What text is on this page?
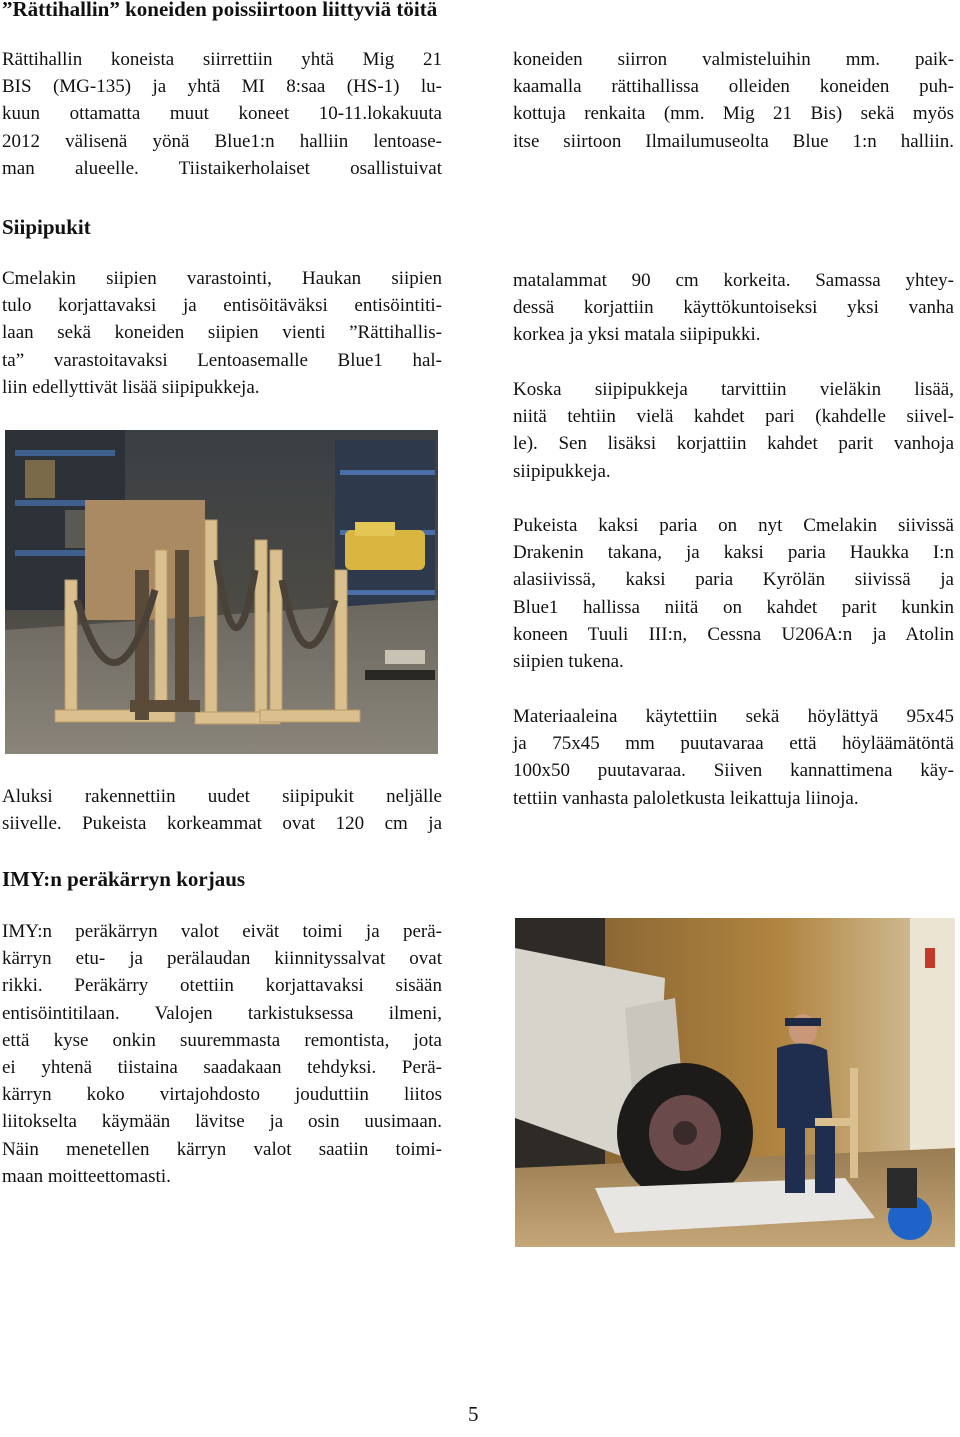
”Rättihallin” koneiden poissiirtoon liittyviä töitä
Rättihallin koneista siirrettiin yhtä Mig 21
BIS (MG-135) ja yhtä MI 8:saa (HS-1) lu-
kuun ottamatta muut koneet 10-11.lokakuuta
2012 välisenä yönä Blue1:n halliin lentoase-
man alueelle. Tiistaikerholaiset osallistuivat
koneiden siirron valmisteluihin mm. paik-
kaamalla rättihallissa olleiden koneiden puh-
kottuja renkaita (mm. Mig 21 Bis) sekä myös
itse siirtoon Ilmailumuseolta Blue 1:n halliin.
Siipipukit
Cmelakin siipien varastointi, Haukan siipien
tulo korjattavaksi ja entisöitäväksi entisöintiti-
laan sekä koneiden siipien vienti ”Rättihallis-
ta” varastoitavaksi Lentoasemalle Blue1 hal-
liin edellyttivät lisää siipipukkeja.
Aluksi rakennettiin uudet siipipukit neljälle
siivelle. Pukeista korkeammat ovat 120 cm ja
matalammat 90 cm korkeita. Samassa yhtey-
dessä korjattiin käyttökuntoiseksi yksi vanha
korkea ja yksi matala siipipukki.
Koska siipipukkeja tarvittiin vieläkin lisää,
niitä tehtiin vielä kahdet pari (kahdelle siivel-
le). Sen lisäksi korjattiin kahdet parit vanhoja
siipipukkeja.
Pukeista kaksi paria on nyt Cmelakin siivissä
Drakenin takana, ja kaksi paria Haukka I:n
alasiivissä, kaksi paria Kyrölän siivissä ja
Blue1 hallissa niitä on kahdet parit kunkin
koneen Tuuli III:n, Cessna U206A:n ja Atolin
siipien tukena.
Materiaaleina käytettiin sekä höylättyä 95x45
ja 75x45 mm puutavaraa että höyläämätöntä
100x50 puutavaraa. Siiven kannattimena käy-
tettiin vanhasta paloletkusta leikattuja liinoja.
IMY:n peräkärryn korjaus
IMY:n peräkärryn valot eivät toimi ja perä-
kärryn etu- ja perälaudan kiinnityssalvat ovat
rikki. Peräkärry otettiin korjattavaksi sisään
entisöintitilaan. Valojen tarkistuksessa ilmeni,
että kyse onkin suuremmasta remontista, jota
ei yhtenä tiistaina saadakaan tehdyksi. Perä-
kärryn koko virtajohdosto jouduttiin liitos
liitokselta käymään lävitse ja osin uusimaan.
Näin menetellen kärryn valot saatiin toimi-
maan moitteettomasti.
5
